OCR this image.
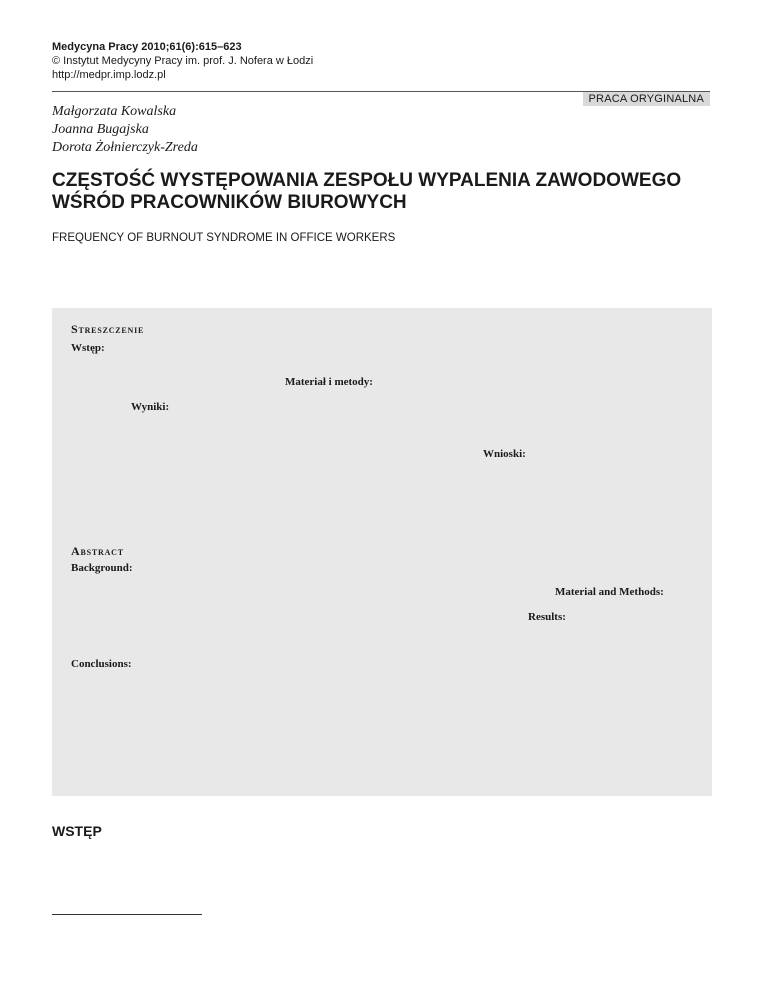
Medycyna Pracy 2010;61(6):615–623
© Instytut Medycyny Pracy im. prof. J. Nofera w Łodzi
http://medpr.imp.lodz.pl
PRACA ORYGINALNA
Małgorzata Kowalska
Joanna Bugajska
Dorota Żołnierczyk-Zreda
CZĘSTOŚĆ WYSTĘPOWANIA ZESPOŁU WYPALENIA ZAWODOWEGO
WŚRÓD PRACOWNIKÓW BIUROWYCH
FREQUENCY OF BURNOUT SYNDROME IN OFFICE WORKERS
Streszczenie
Wstęp:
Materiał i metody:
Wyniki:
Wnioski:
Abstract
Background:
Material and Methods:
Results:
Conclusions:
WSTĘP
